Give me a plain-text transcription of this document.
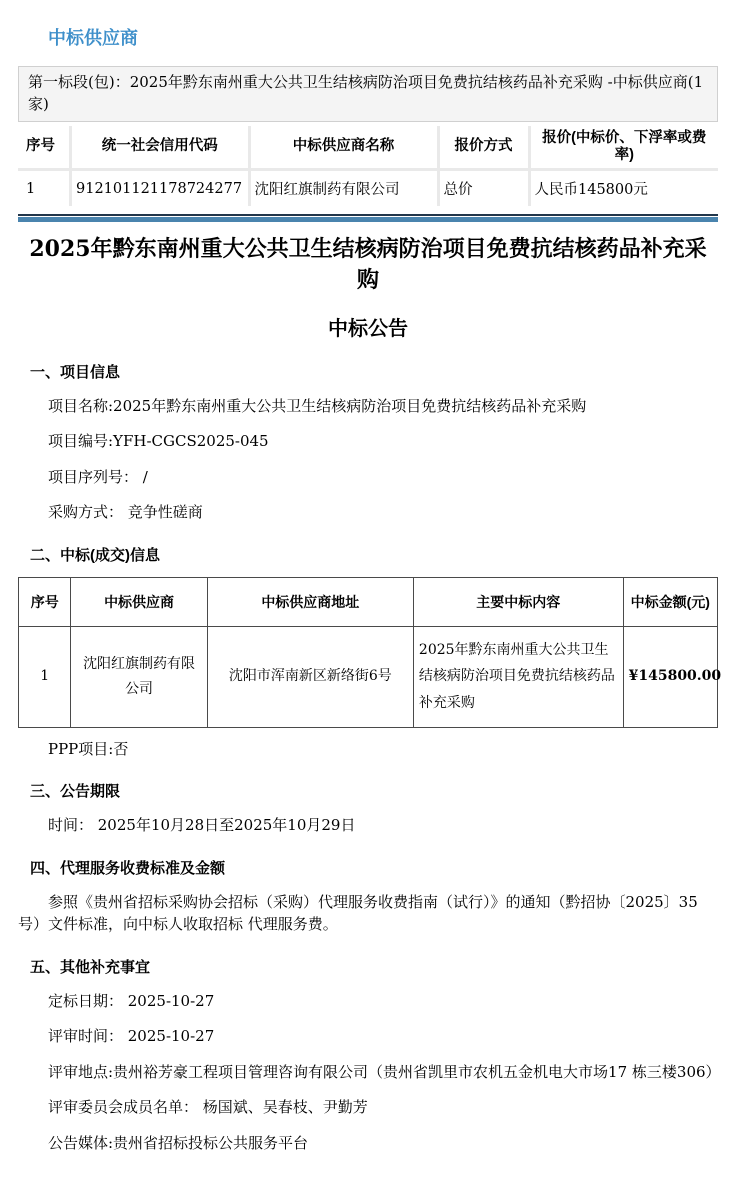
中标供应商
第一标段(包)：2025年黔东南州重大公共卫生结核病防治项目免费抗结核药品补充采购 -中标供应商(1家)
序号	统一社会信用代码	中标供应商名称	报价方式	报价(中标价、下浮率或费率)
1	912101121178724277	沈阳红旗制药有限公司	总价	人民币145800元
2025年黔东南州重大公共卫生结核病防治项目免费抗结核药品补充采购
中标公告
一、项目信息

项目名称:2025年黔东南州重大公共卫生结核病防治项目免费抗结核药品补充采购

项目编号:YFH-CGCS2025-045

项目序列号： /

采购方式： 竞争性磋商

二、中标(成交)信息
序号	中标供应商	中标供应商地址	主要中标内容	中标金额(元)
1	沈阳红旗制药有限公司	沈阳市浑南新区新络街6号	2025年黔东南州重大公共卫生结核病防治项目免费抗结核药品补充采购	¥145800.00

PPP项目:否

三、公告期限

时间： 2025年10月28日至2025年10月29日

四、代理服务收费标准及金额

参照《贵州省招标采购协会招标（采购）代理服务收费指南（试行）》的通知（黔招协〔2025〕35号）文件标准，向中标人收取招标 代理服务费。

五、其他补充事宜

定标日期： 2025-10-27

评审时间： 2025-10-27

评审地点:贵州裕芳豪工程项目管理咨询有限公司（贵州省凯里市农机五金机电大市场17 栋三楼306）

评审委员会成员名单： 杨国斌、吴春枝、尹勤芳

公告媒体:贵州省招标投标公共服务平台
